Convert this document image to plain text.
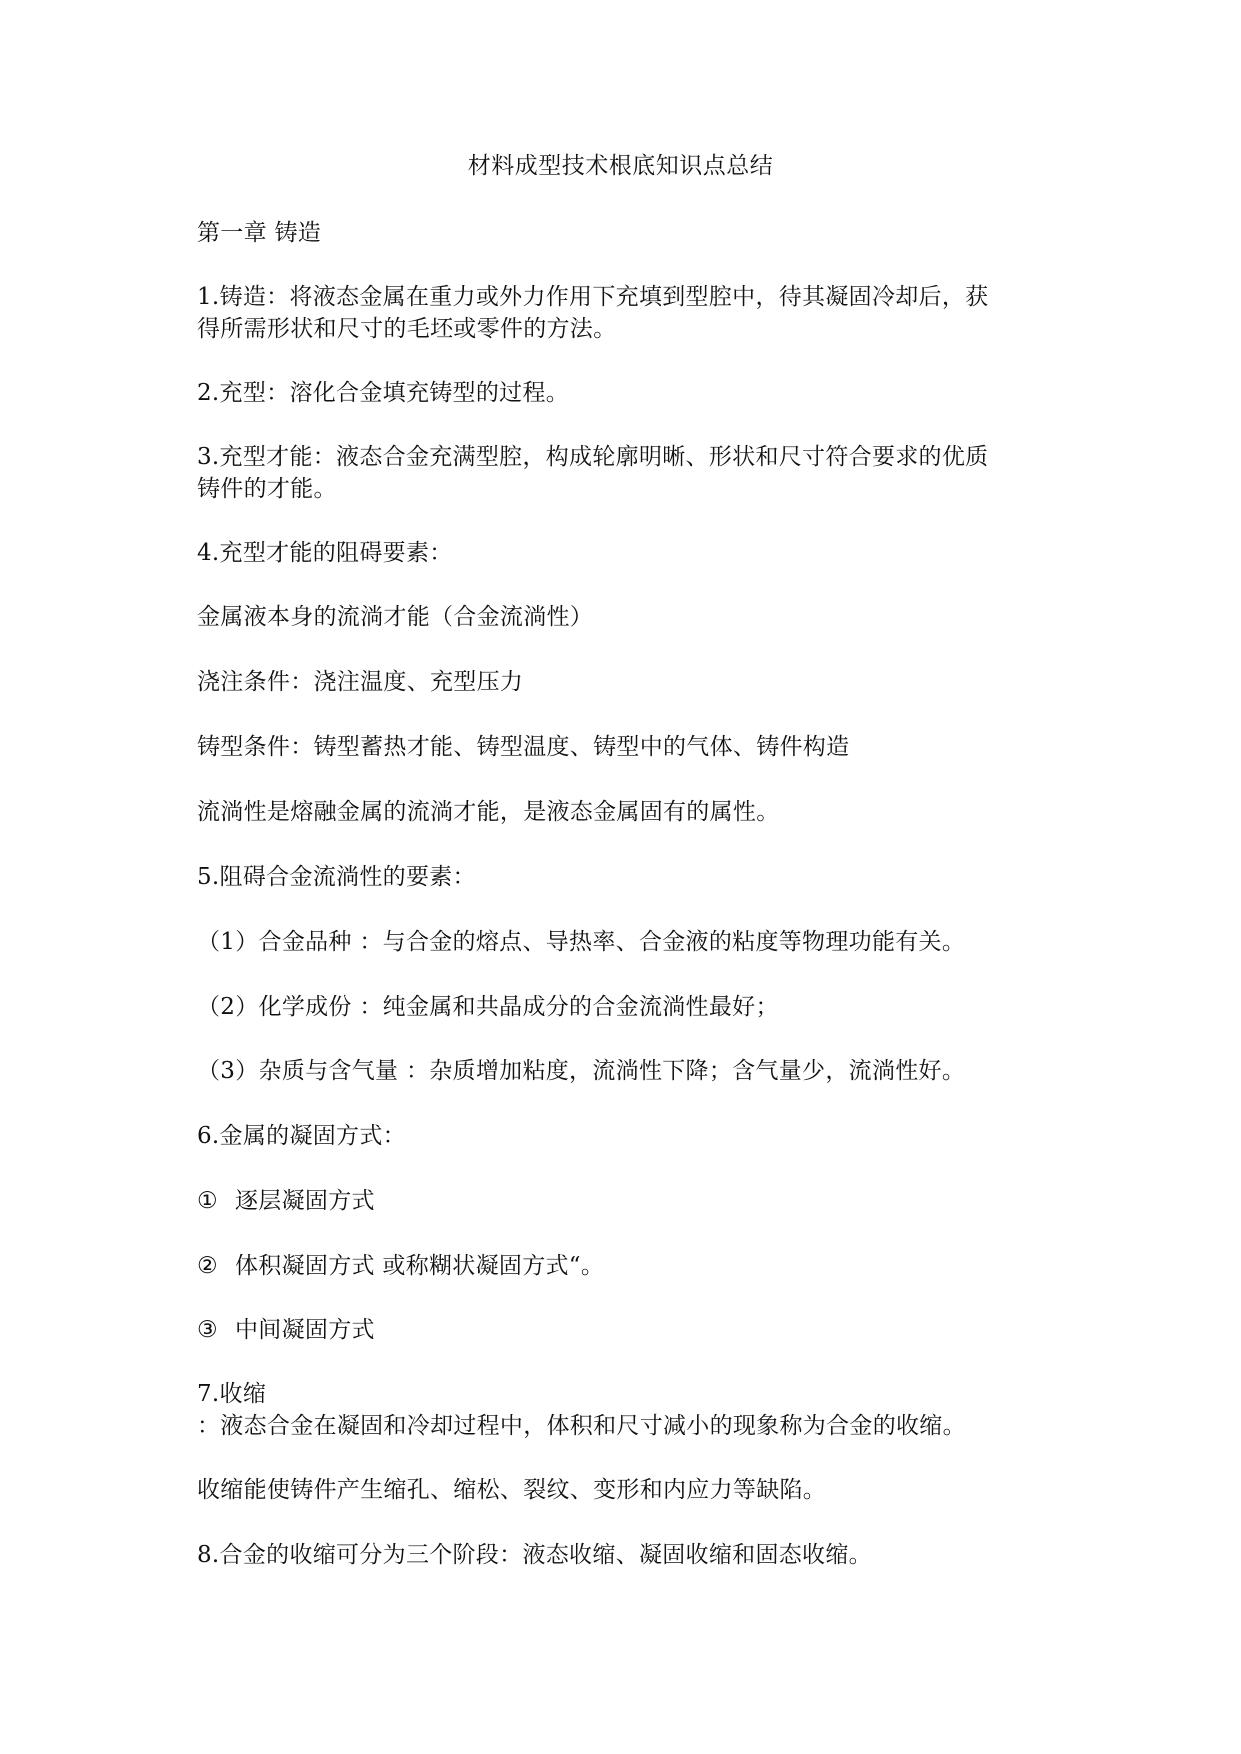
材料成型技术根底知识点总结
第一章 铸造
1.铸造：将液态金属在重力或外力作用下充填到型腔中，待其凝固冷却后，获
得所需形状和尺寸的毛坯或零件的方法。
2.充型：溶化合金填充铸型的过程。
3.充型才能：液态合金充满型腔，构成轮廓明晰、形状和尺寸符合要求的优质
铸件的才能。
4.充型才能的阻碍要素：
金属液本身的流淌才能（合金流淌性）
浇注条件：浇注温度、充型压力
铸型条件：铸型蓄热才能、铸型温度、铸型中的气体、铸件构造
流淌性是熔融金属的流淌才能，是液态金属固有的属性。
5.阻碍合金流淌性的要素：
（1）合金品种 ：与合金的熔点、导热率、合金液的粘度等物理功能有关。
（2）化学成份 ：纯金属和共晶成分的合金流淌性最好；
（3）杂质与含气量 ：杂质增加粘度，流淌性下降；含气量少，流淌性好。
6.金属的凝固方式：
① 逐层凝固方式
② 体积凝固方式 或称糊状凝固方式“。
③ 中间凝固方式
7.收缩
：液态合金在凝固和冷却过程中，体积和尺寸减小的现象称为合金的收缩。
收缩能使铸件产生缩孔、缩松、裂纹、变形和内应力等缺陷。
8.合金的收缩可分为三个阶段：液态收缩、凝固收缩和固态收缩。
